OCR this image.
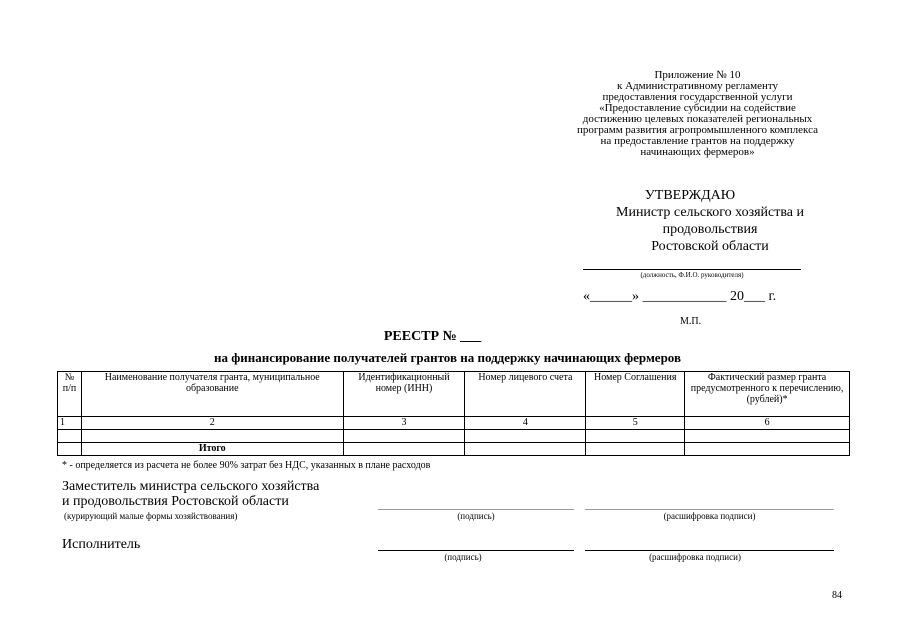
Приложение № 10
к Административному регламенту
предоставления государственной услуги
«Предоставление субсидии на содействие
достижению целевых показателей региональных
программ развития агропромышленного комплекса
на предоставление грантов на поддержку
начинающих фермеров»
УТВЕРЖДАЮ
Министр сельского хозяйства и
продовольствия
Ростовской области
(должность, Ф.И.О. руководителя)
«______» ____________ 20___ г.
М.П.
РЕЕСТР № ___
на финансирование получателей грантов на поддержку начинающих фермеров
№ п/п	Наименование получателя гранта, муниципальное образование	Идентификационный номер (ИНН)	Номер лицевого счета	Номер Соглашения	Фактический размер гранта предусмотренного к перечислению, (рублей)*
1	2	3	4	5	6

	Итого				
* - определяется из расчета не более 90% затрат без НДС, указанных в плане расходов
Заместитель министра сельского хозяйства
и продовольствия Ростовской области
(курирующий малые формы хозяйствования)	(подпись)	(расшифровка подписи)
Исполнитель
(подпись)	(расшифровка подписи)
84
